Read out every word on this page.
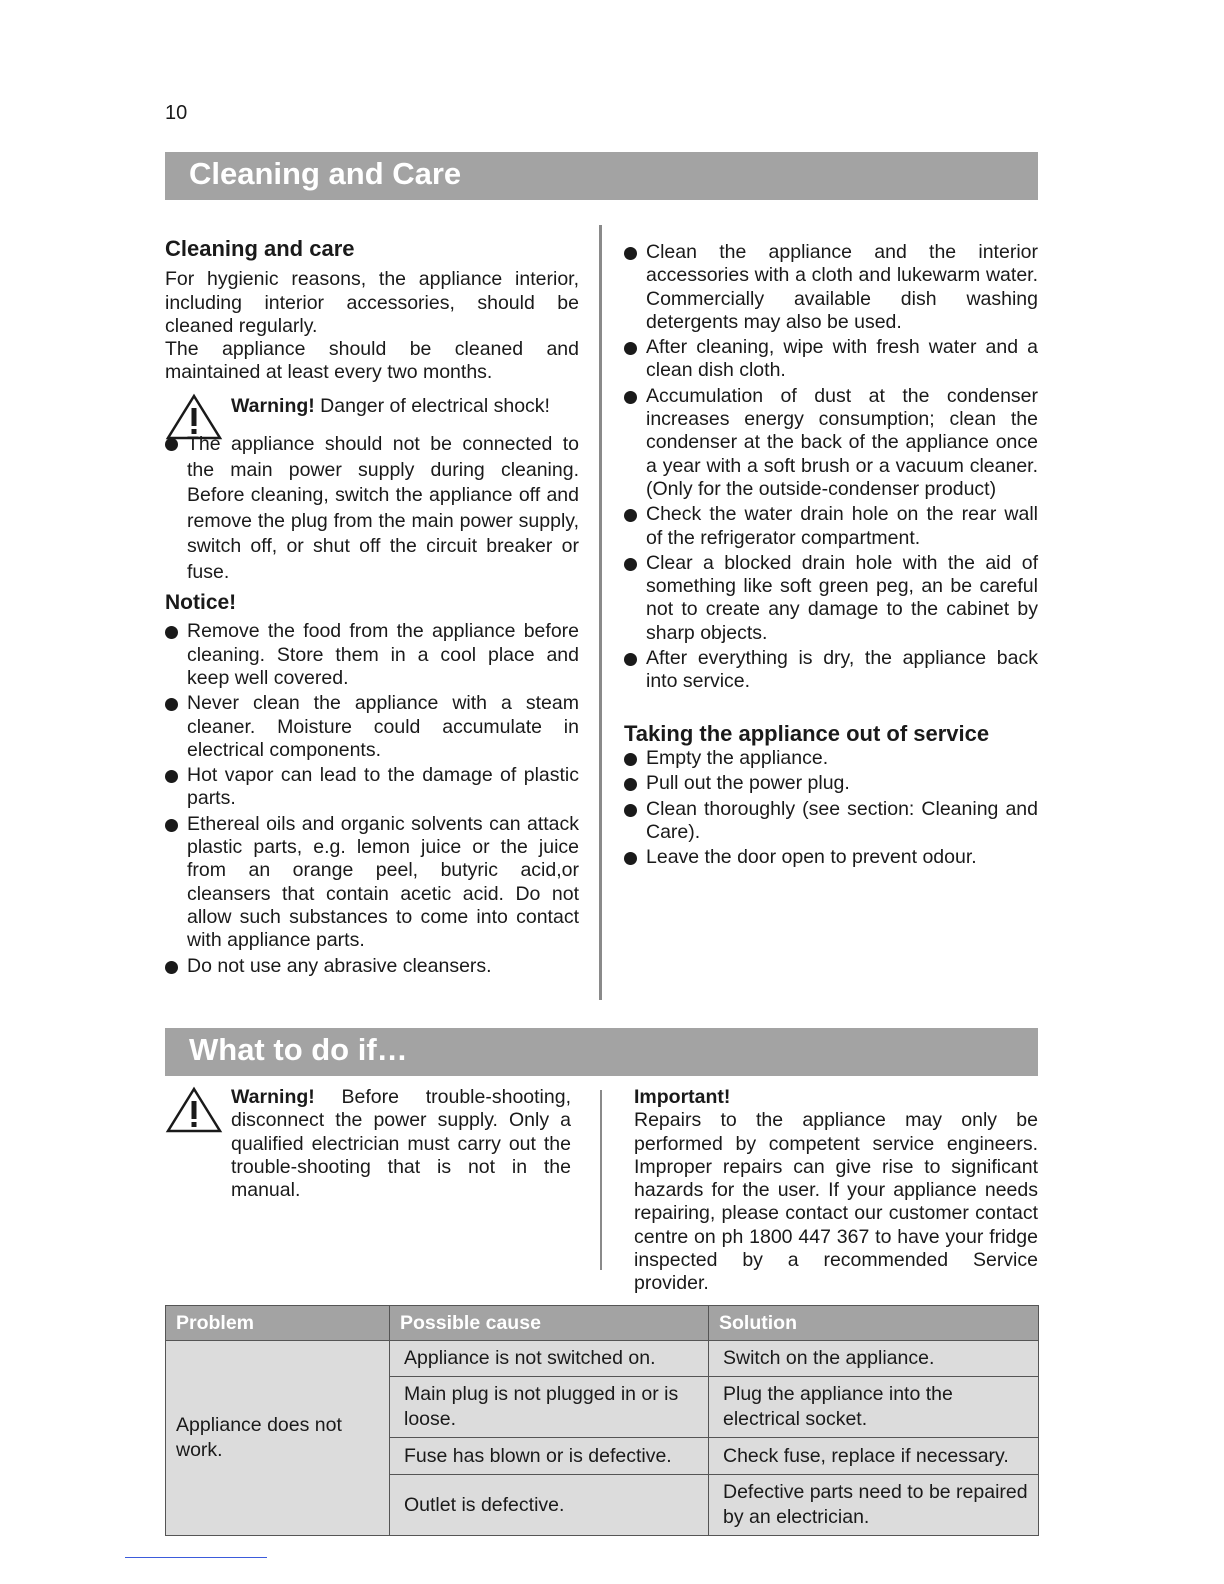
10
Cleaning and Care
Cleaning and care

For hygienic reasons, the appliance interior, including interior accessories, should be cleaned regularly.

The appliance should be cleaned and maintained at least every two months.

Warning! Danger of electrical shock!
The appliance should not be connected to the main power supply during cleaning. Before cleaning, switch the appliance off and remove the plug from the main power supply, switch off, or shut off the circuit breaker or fuse.
Notice!
Remove the food from the appliance before cleaning. Store them in a cool place and keep well covered.
Never clean the appliance with a steam cleaner. Moisture could accumulate in electrical components.
Hot vapor can lead to the damage of plastic parts.
Ethereal oils and organic solvents can attack plastic parts, e.g. lemon juice or the juice from an orange peel, butyric acid,or cleansers that contain acetic acid. Do not allow such substances to come into contact with appliance parts.
Do not use any abrasive cleansers.
Clean the appliance and the interior accessories with a cloth and lukewarm water. Commercially available dish washing detergents may also be used.
After cleaning, wipe with fresh water and a clean dish cloth.
Accumulation of dust at the condenser increases energy consumption; clean the condenser at the back of the appliance once a year with a soft brush or a vacuum cleaner.(Only for the outside-condenser product)
Check the water drain hole on the rear wall of the refrigerator compartment.
Clear a blocked drain hole with the aid of something like soft green peg, an be careful not to create any damage to the cabinet by sharp objects.
After everything is dry, the appliance back into service.
Taking the appliance out of service
Empty the appliance.
Pull out the power plug.
Clean thoroughly (see section: Cleaning and Care).
Leave the door open to prevent odour.
What to do if…

Warning! Before trouble-shooting, disconnect the power supply. Only a qualified electrician must carry out the trouble-shooting that is not in the manual.

Important!

Repairs to the appliance may only be performed by competent service engineers. Improper repairs can give rise to significant hazards for the user. If your appliance needs repairing, please contact our customer contact centre on ph 1800 447 367 to have your fridge inspected by a recommended Service provider.

Problem	Possible cause	Solution
Appliance does not work.	Appliance is not switched on.	Switch on the appliance.
	Main plug is not plugged in or is loose.	Plug the appliance into the electrical socket.
	Fuse has blown or is defective.	Check fuse, replace if necessary.
	Outlet is defective.	Defective parts need to be repaired by an electrician.
